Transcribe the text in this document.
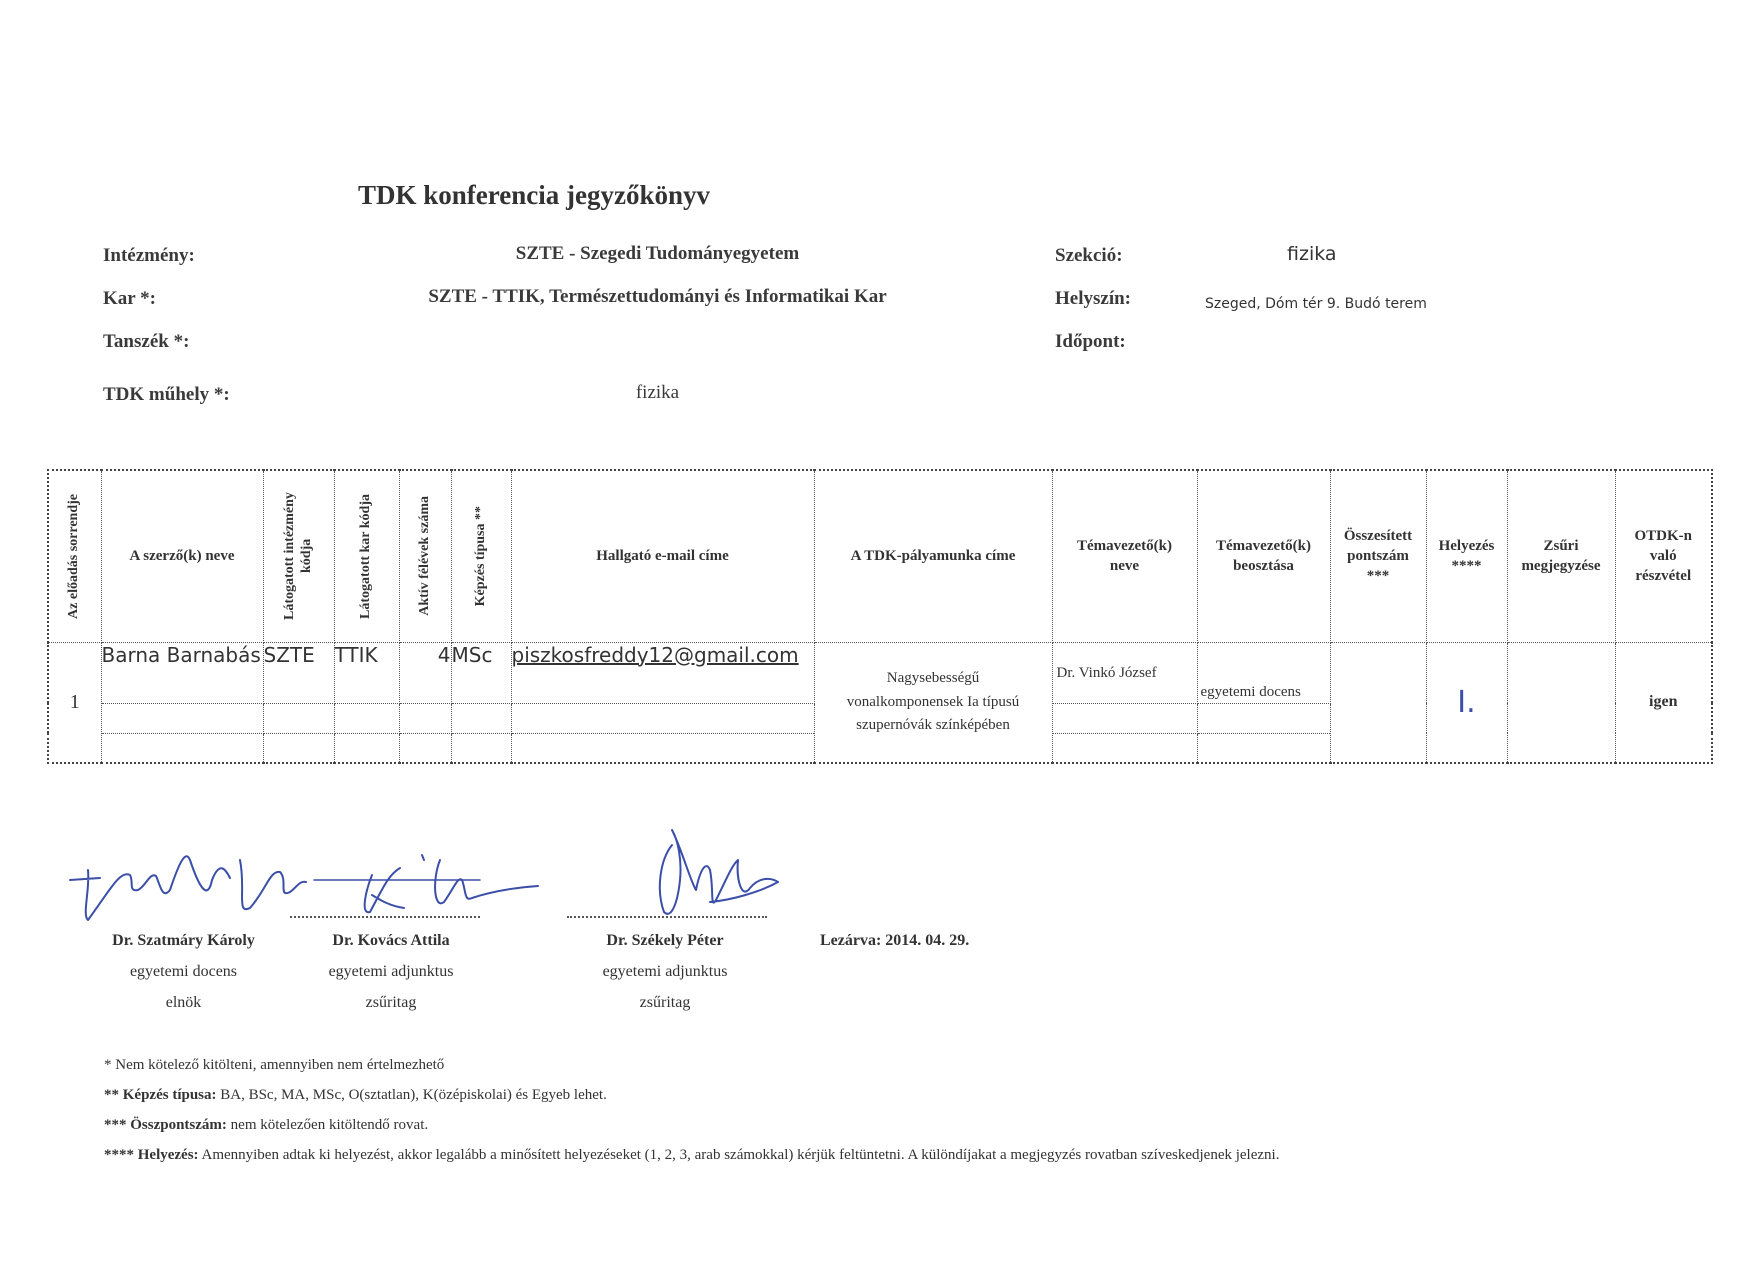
TDK konferencia jegyzőkönyv
Intézmény:	SZTE - Szegedi Tudományegyetem
Kar *:	SZTE - TTIK, Természettudományi és Informatikai Kar
Tanszék *:
TDK műhely *:	fizika
Szekció:	fizika
Helyszín:	Szeged, Dóm tér 9. Budó terem
Időpont:
Az előadás sorrendje	A szerző(k) neve	Látogatott intézmény kódja	Látogatott kar kódja	Aktív félévek száma	Képzés típusa **	Hallgató e-mail címe	A TDK-pályamunka címe	Témavezető(k) neve	Témavezető(k) beosztása	Összesített pontszám ***	Helyezés ****	Zsűri megjegyzése	OTDK-n való részvétel
1	Barna Barnabás	SZTE	TTIK	4	MSc	piszkosfreddy12@gmail.com	Nagysebességű vonalkomponensek Ia típusú szupernóvák színképében	Dr. Vinkó József	egyetemi docens		I.		igen

Dr. Szatmáry Károly
egyetemi docens
elnök
Dr. Kovács Attila
egyetemi adjunktus
zsűritag
Dr. Székely Péter
egyetemi adjunktus
zsűritag
Lezárva: 2014. 04. 29.
* Nem kötelező kitölteni, amennyiben nem értelmezhető
** Képzés típusa: BA, BSc, MA, MSc, O(sztatlan), K(özépiskolai) és Egyeb lehet.
*** Összpontszám: nem kötelezően kitöltendő rovat.
**** Helyezés: Amennyiben adtak ki helyezést, akkor legalább a minősített helyezéseket (1, 2, 3, arab számokkal) kérjük feltüntetni. A különdíjakat a megjegyzés rovatban szíveskedjenek jelezni.
